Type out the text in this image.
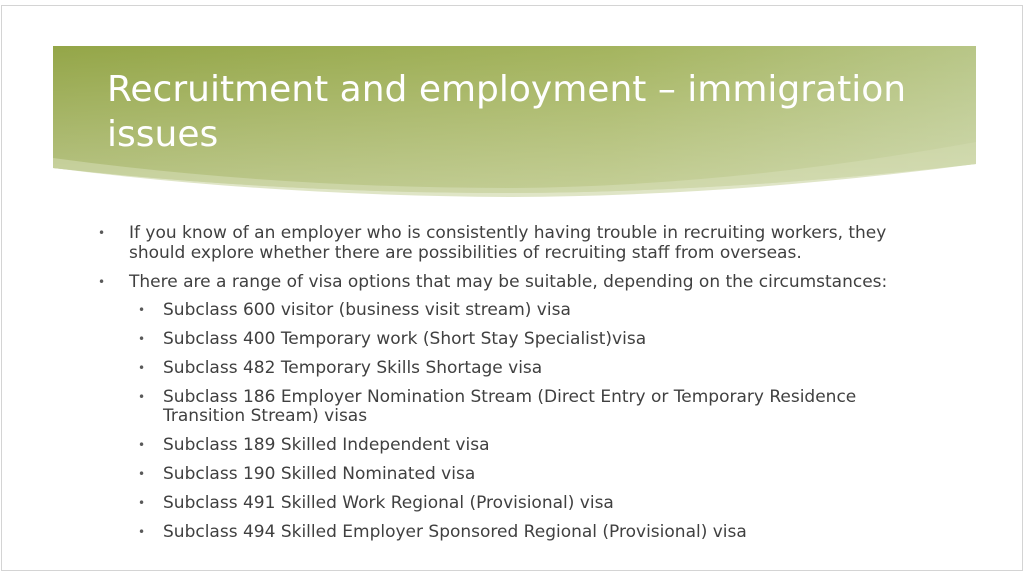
Recruitment and employment – immigration issues
• If you know of an employer who is consistently having trouble in recruiting workers, they should explore whether there are possibilities of recruiting staff from overseas.
• There are a range of visa options that may be suitable, depending on the circumstances:
• Subclass 600 visitor (business visit stream) visa
• Subclass 400 Temporary work (Short Stay Specialist)visa
• Subclass 482 Temporary Skills Shortage visa
• Subclass 186 Employer Nomination Stream (Direct Entry or Temporary Residence Transition Stream) visas
• Subclass 189 Skilled Independent visa
• Subclass 190 Skilled Nominated visa
• Subclass 491 Skilled Work Regional (Provisional) visa
• Subclass 494 Skilled Employer Sponsored Regional (Provisional) visa
